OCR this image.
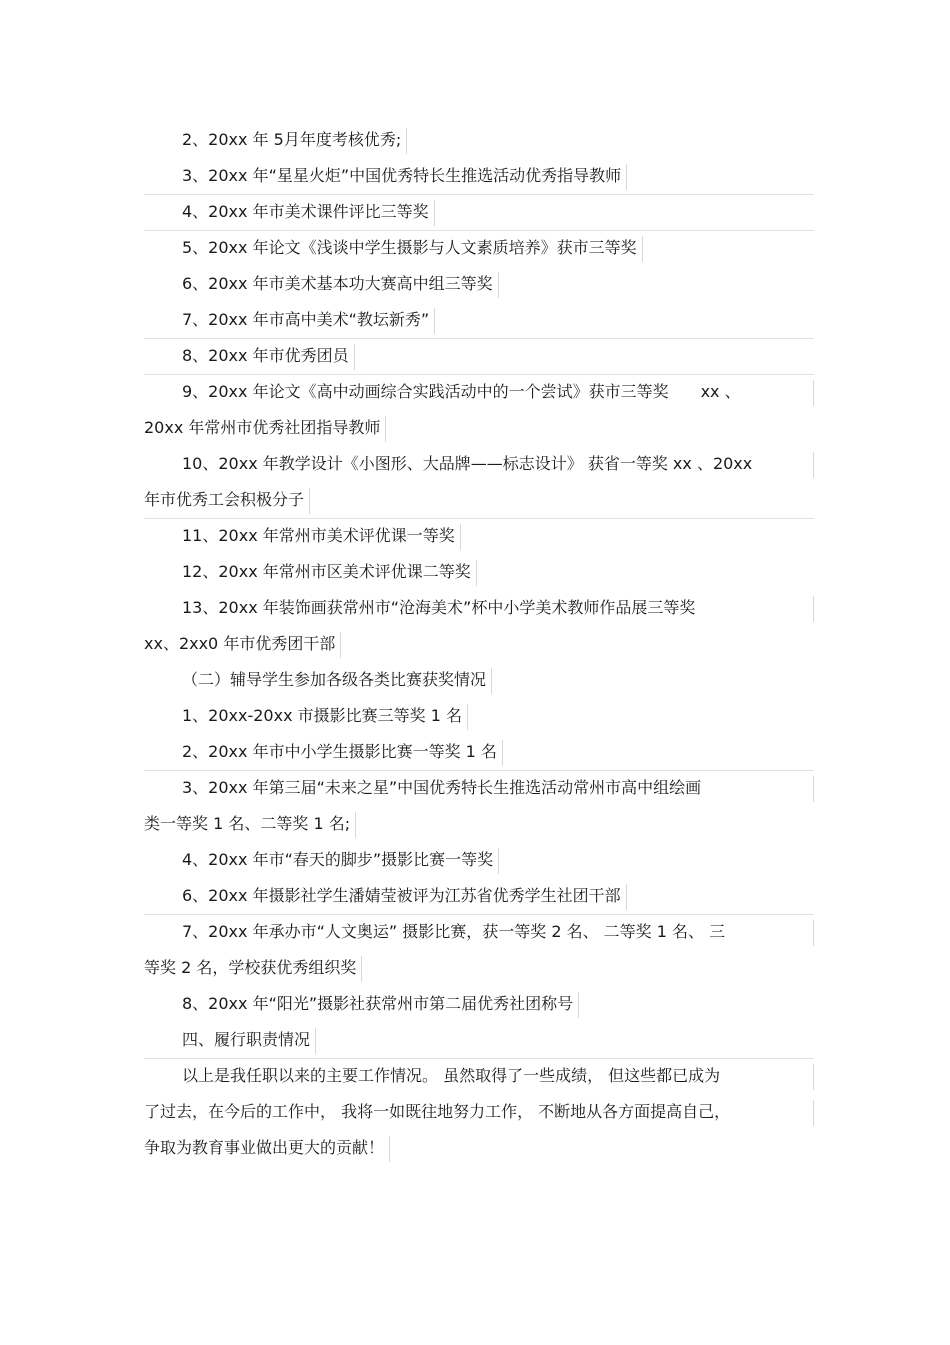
2、20xx 年 5月年度考核优秀;
3、20xx 年“星星火炬”中国优秀特长生推选活动优秀指导教师
4、20xx 年市美术课件评比三等奖
5、20xx 年论文《浅谈中学生摄影与人文素质培养》获市三等奖
6、20xx 年市美术基本功大赛高中组三等奖
7、20xx 年市高中美术“教坛新秀”
8、20xx 年市优秀团员
9、20xx 年论文《高中动画综合实践活动中的一个尝试》获市三等奖　　xx 、
20xx 年常州市优秀社团指导教师
10、20xx 年教学设计《小图形、大品牌——标志设计》 获省一等奖 xx 、20xx
年市优秀工会积极分子
11、20xx 年常州市美术评优课一等奖
12、20xx 年常州市区美术评优课二等奖
13、20xx 年装饰画获常州市“沧海美术”杯中小学美术教师作品展三等奖
xx、2xx0 年市优秀团干部
（二）辅导学生参加各级各类比赛获奖情况
1、20xx-20xx 市摄影比赛三等奖 1 名
2、20xx 年市中小学生摄影比赛一等奖 1 名
3、20xx 年第三届“未来之星”中国优秀特长生推选活动常州市高中组绘画
类一等奖 1 名、二等奖 1 名;
4、20xx 年市“春天的脚步”摄影比赛一等奖
6、20xx 年摄影社学生潘婧莹被评为江苏省优秀学生社团干部
7、20xx 年承办市“人文奥运” 摄影比赛，获一等奖 2 名、 二等奖 1 名、 三
等奖 2 名，学校获优秀组织奖
8、20xx 年“阳光”摄影社获常州市第二届优秀社团称号
四、履行职责情况
以上是我任职以来的主要工作情况。 虽然取得了一些成绩， 但这些都已成为
了过去，在今后的工作中， 我将一如既往地努力工作， 不断地从各方面提高自己，
争取为教育事业做出更大的贡献！
